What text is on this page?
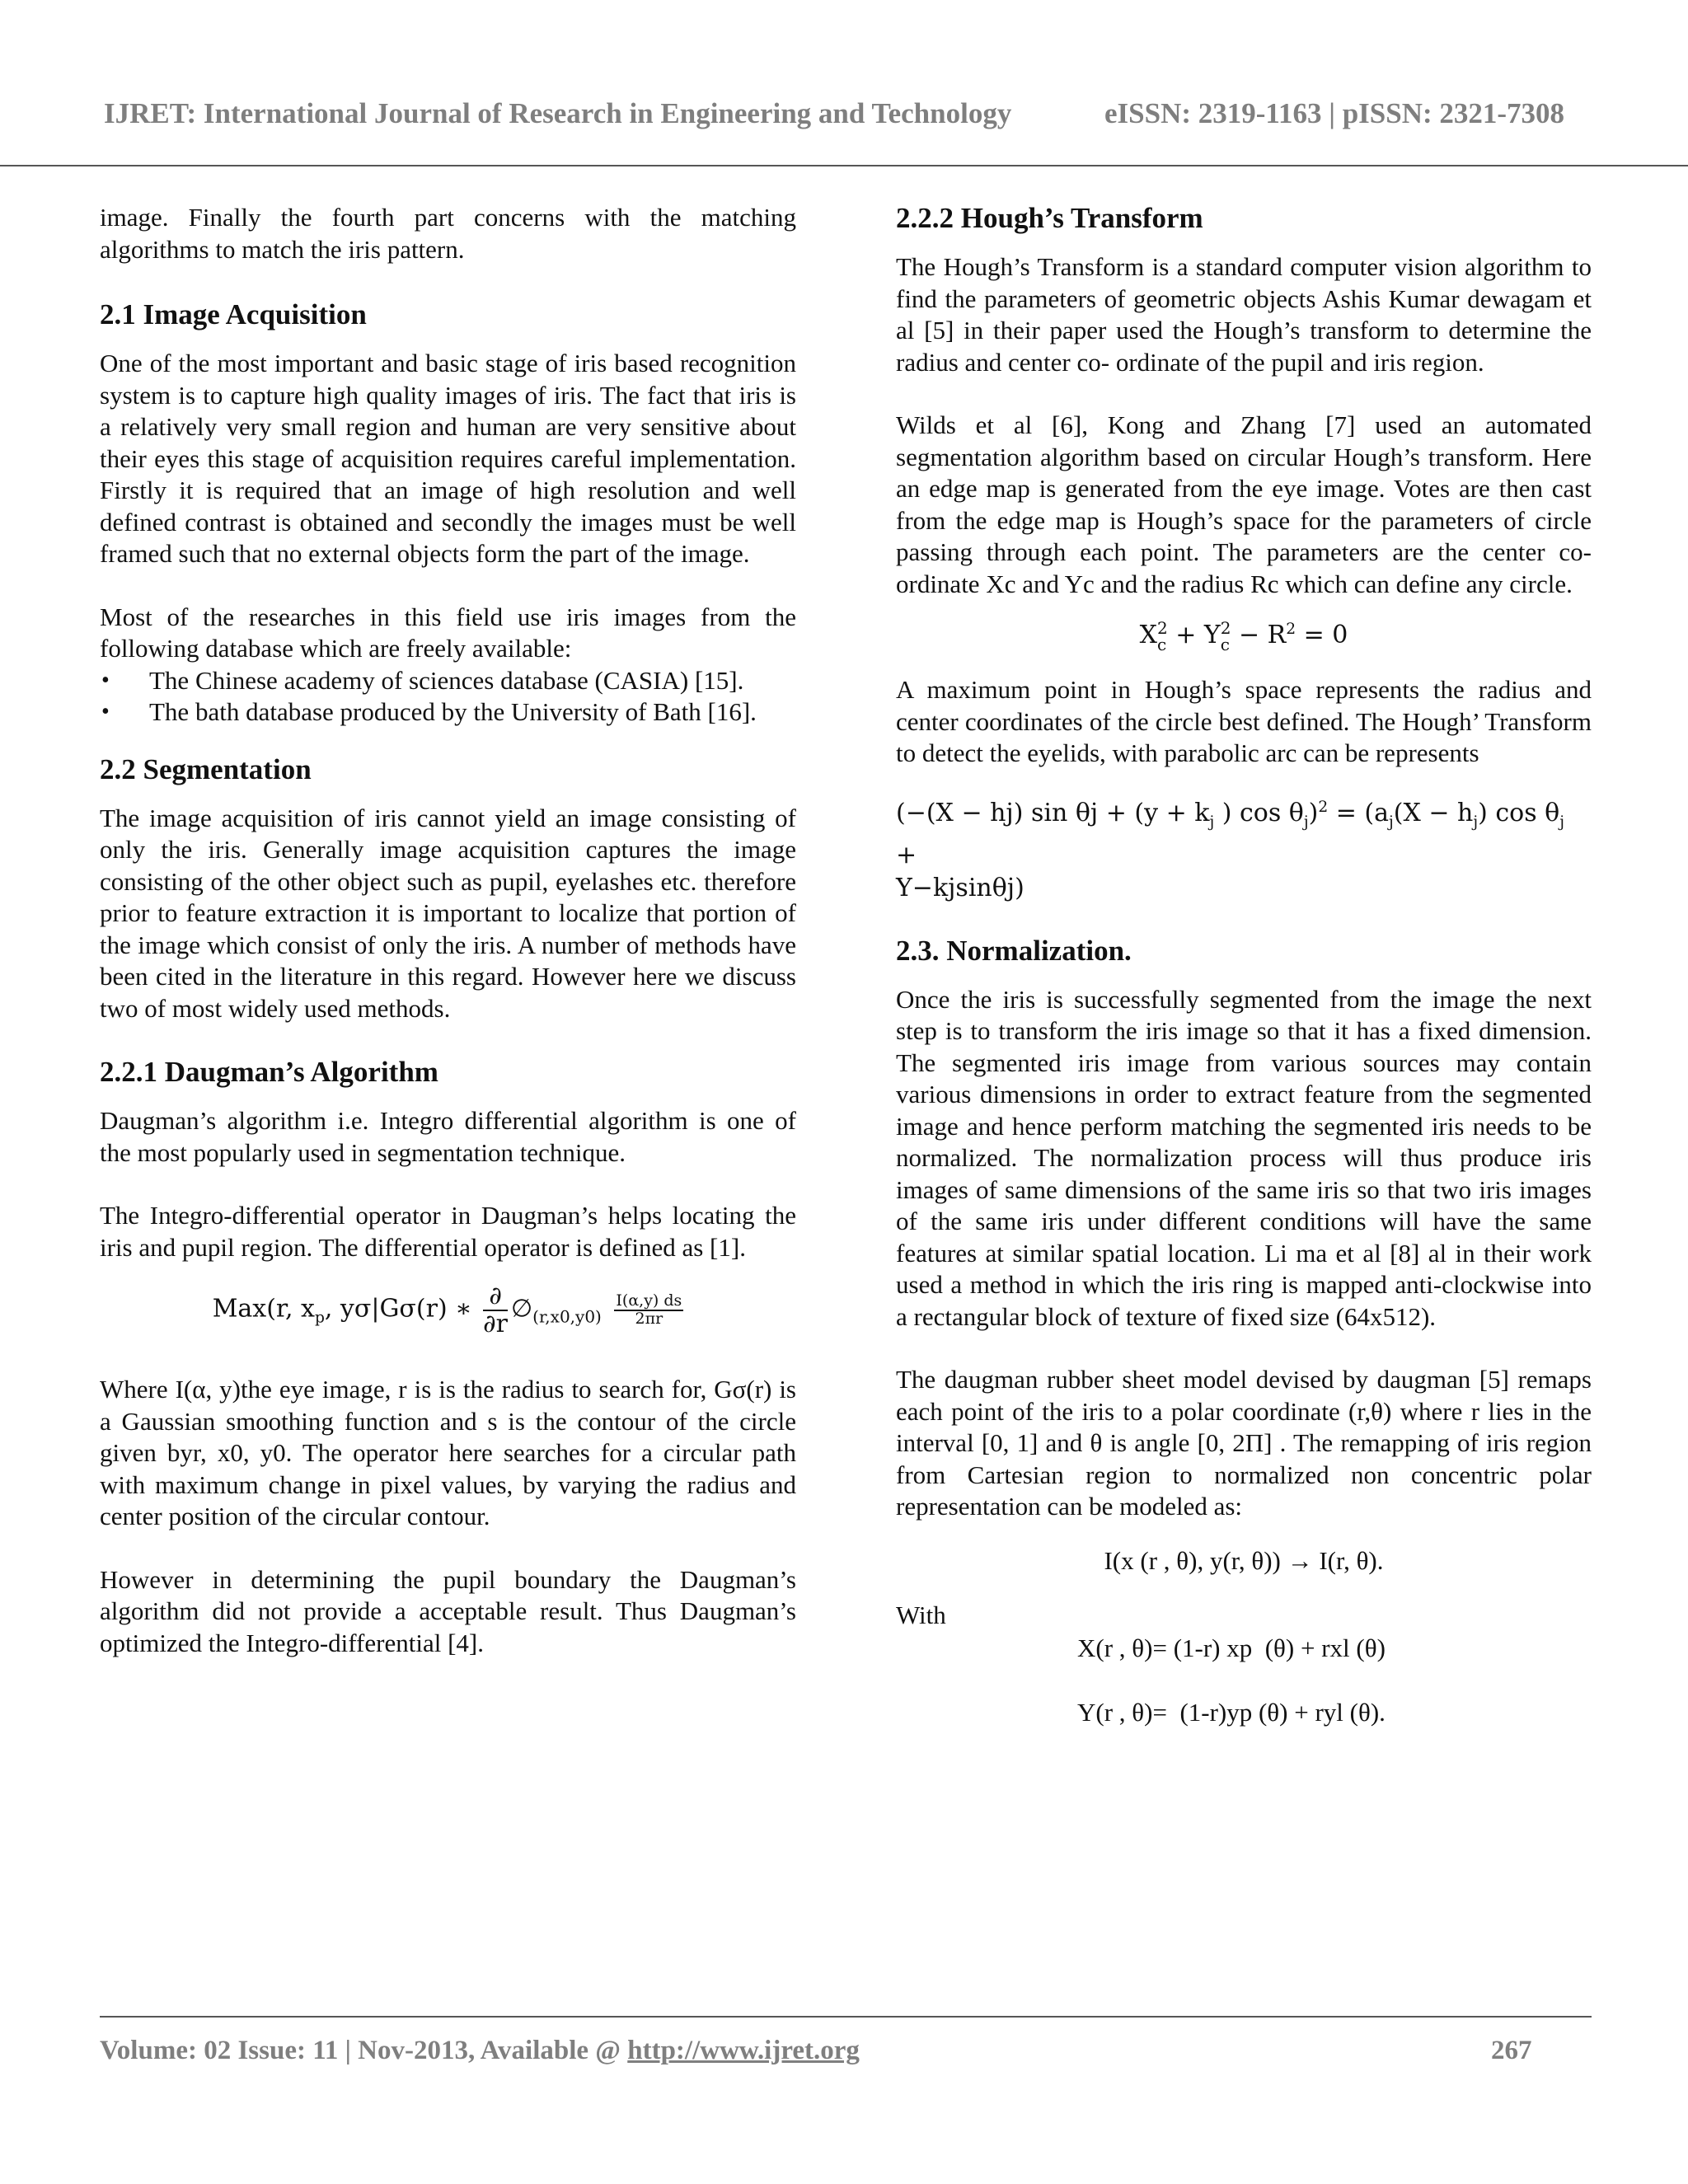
IJRET: International Journal of Research in Engineering and Technology	eISSN: 2319-1163 | pISSN: 2321-7308

image. Finally the fourth part concerns with the matching algorithms to match the iris pattern.

2.1 Image Acquisition

One of the most important and basic stage of iris based recognition system is to capture high quality images of iris. The fact that iris is a relatively very small region and human are very sensitive about their eyes this stage of acquisition requires careful implementation. Firstly it is required that an image of high resolution and well defined contrast is obtained and secondly the images must be well framed such that no external objects form the part of the image.

Most of the researches in this field use iris images from the following database which are freely available:

• The Chinese academy of sciences database (CASIA) [15].
• The bath database produced by the University of Bath [16].
2.2 Segmentation

The image acquisition of iris cannot yield an image consisting of only the iris. Generally image acquisition captures the image consisting of the other object such as pupil, eyelashes etc. therefore prior to feature extraction it is important to localize that portion of the image which consist of only the iris. A number of methods have been cited in the literature in this regard. However here we discuss two of most widely used methods.

2.2.1 Daugman’s Algorithm

Daugman’s algorithm i.e. Integro differential algorithm is one of the most popularly used in segmentation technique.

The Integro-differential operator in Daugman’s helps locating the iris and pupil region. The differential operator is defined as [1].

Max(r, $x_p$, yσ|Gσ(r) ∗ $\frac{\partial}{\partial r}$ $\emptyset_{(r,x0,y0)} \frac{I(\alpha,y) ds}{2\pi r}$

Where I(α, y)the eye image, r is is the radius to search for, Gσ(r) is a Gaussian smoothing function and s is the contour of the circle given byr, x0, y0. The operator here searches for a circular path with maximum change in pixel values, by varying the radius and center position of the circular contour.

However in determining the pupil boundary the Daugman’s algorithm did not provide a acceptable result. Thus Daugman’s optimized the Integro-differential [4].

2.2.2 Hough’s Transform

The Hough’s Transform is a standard computer vision algorithm to find the parameters of geometric objects Ashis Kumar dewagam et al [5] in their paper used the Hough’s transform to determine the radius and center co- ordinate of the pupil and iris region.

Wilds et al [6], Kong and Zhang [7] used an automated segmentation algorithm based on circular Hough’s transform. Here an edge map is generated from the eye image. Votes are then cast from the edge map is Hough’s space for the parameters of circle passing through each point. The parameters are the center co-ordinate Xc and Yc and the radius Rc which can define any circle.

X 2
c + Y 2
$c - R^2 = 0$

A maximum point in Hough’s space represents the radius and center coordinates of the circle best defined. The Hough’ Transform to detect the eyelids, with parabolic arc can be represents

(−(X − hj) $\sin \theta j + (y + k_j$ ) $\cos \theta_j)^2 = (a_j(X - h_j)$ $\cos \theta_j$ +
Y−kjsinθj)
2.3. Normalization.

Once the iris is successfully segmented from the image the next step is to transform the iris image so that it has a fixed dimension. The segmented iris image from various sources may contain various dimensions in order to extract feature from the segmented image and hence perform matching the segmented iris needs to be normalized. The normalization process will thus produce iris images of same dimensions of the same iris so that two iris images of the same iris under different conditions will have the same features at similar spatial location. Li ma et al [8] al in their work used a method in which the iris ring is mapped anti-clockwise into a rectangular block of texture of fixed size (64x512).

The daugman rubber sheet model devised by daugman [5] remaps each point of the iris to a polar coordinate (r,θ) where r lies in the interval [0, 1] and θ is angle [0, 2Π] . The remapping of iris region from Cartesian region to normalized non concentric polar representation can be modeled as:

I(x (r , θ), y(r, θ)) → I(r, θ).
With
X(r , θ)= (1-r) xp  (θ) + rxl (θ)
Y(r , θ)=  (1-r)yp (θ) + ryl (θ).
Volume: 02 Issue: 11 | Nov-2013, Available @ http://www.ijret.org	267
